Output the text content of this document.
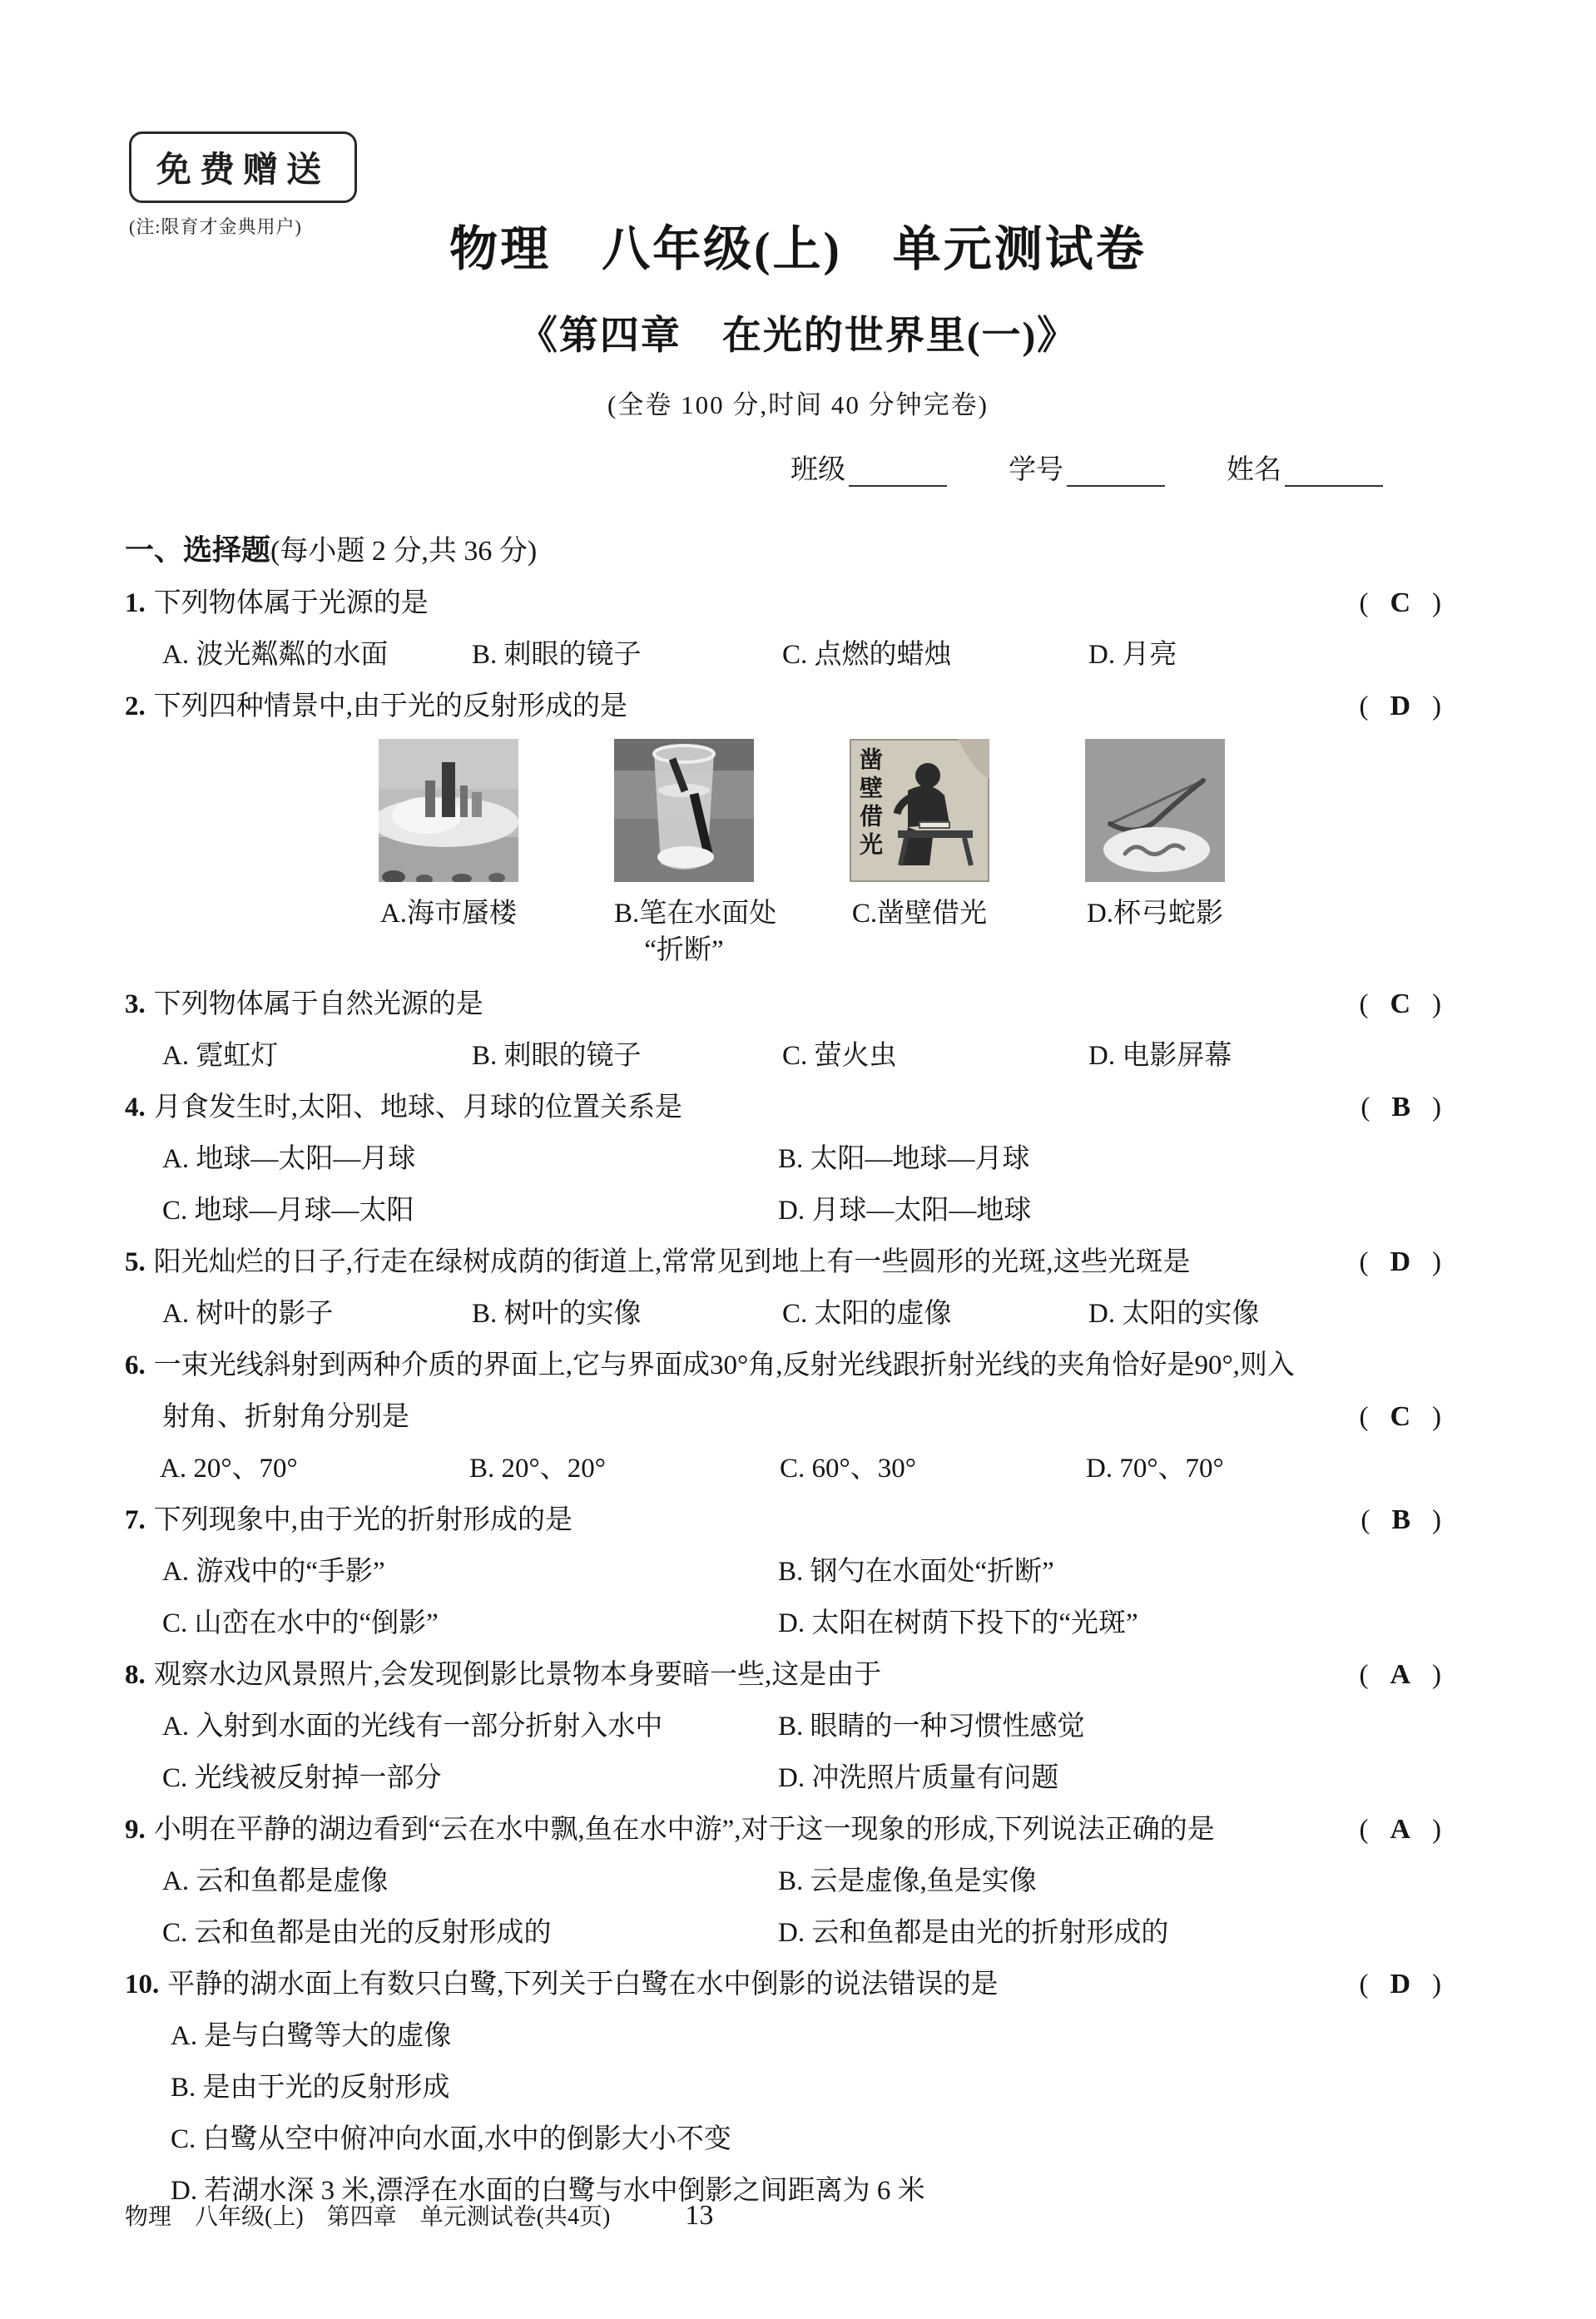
免费赠送
(注:限育才金典用户)	物理　八年级(上)　单元测试卷
《第四章　在光的世界里(一)》
(全卷 100 分,时间 40 分钟完卷)
班级	学号	姓名
一、选择题(每小题 2 分,共 36 分)
1. 下列物体属于光源的是	( C )
A. 波光粼粼的水面	B. 刺眼的镜子	C. 点燃的蜡烛	D. 月亮
2. 下列四种情景中,由于光的反射形成的是	( D )
A.海市蜃楼	B.笔在水面处
“折断”
凿壁借光
C.凿壁借光	D.杯弓蛇影
3. 下列物体属于自然光源的是	( C )
A. 霓虹灯	B. 刺眼的镜子	C. 萤火虫	D. 电影屏幕
4. 月食发生时,太阳、地球、月球的位置关系是	( B )
A. 地球—太阳—月球	B. 太阳—地球—月球
C. 地球—月球—太阳	D. 月球—太阳—地球
5. 阳光灿烂的日子,行走在绿树成荫的街道上,常常见到地上有一些圆形的光斑,这些光斑是	( D )
A. 树叶的影子	B. 树叶的实像	C. 太阳的虚像	D. 太阳的实像
6. 一束光线斜射到两种介质的界面上,它与界面成30°角,反射光线跟折射光线的夹角恰好是90°,则入
射角、折射角分别是	( C )
A. 20°、70°	B. 20°、20°	C. 60°、30°	D. 70°、70°
7. 下列现象中,由于光的折射形成的是	( B )
A. 游戏中的“手影”	B. 钢勺在水面处“折断”
C. 山峦在水中的“倒影”	D. 太阳在树荫下投下的“光斑”
8. 观察水边风景照片,会发现倒影比景物本身要暗一些,这是由于	( A )
A. 入射到水面的光线有一部分折射入水中	B. 眼睛的一种习惯性感觉
C. 光线被反射掉一部分	D. 冲洗照片质量有问题
9. 小明在平静的湖边看到“云在水中飘,鱼在水中游”,对于这一现象的形成,下列说法正确的是	( A )
A. 云和鱼都是虚像	B. 云是虚像,鱼是实像
C. 云和鱼都是由光的反射形成的	D. 云和鱼都是由光的折射形成的
10. 平静的湖水面上有数只白鹭,下列关于白鹭在水中倒影的说法错误的是	( D )
A. 是与白鹭等大的虚像
B. 是由于光的反射形成
C. 白鹭从空中俯冲向水面,水中的倒影大小不变
D. 若湖水深 3 米,漂浮在水面的白鹭与水中倒影之间距离为 6 米
物理　八年级(上)　第四章　单元测试卷(共4页)	13
